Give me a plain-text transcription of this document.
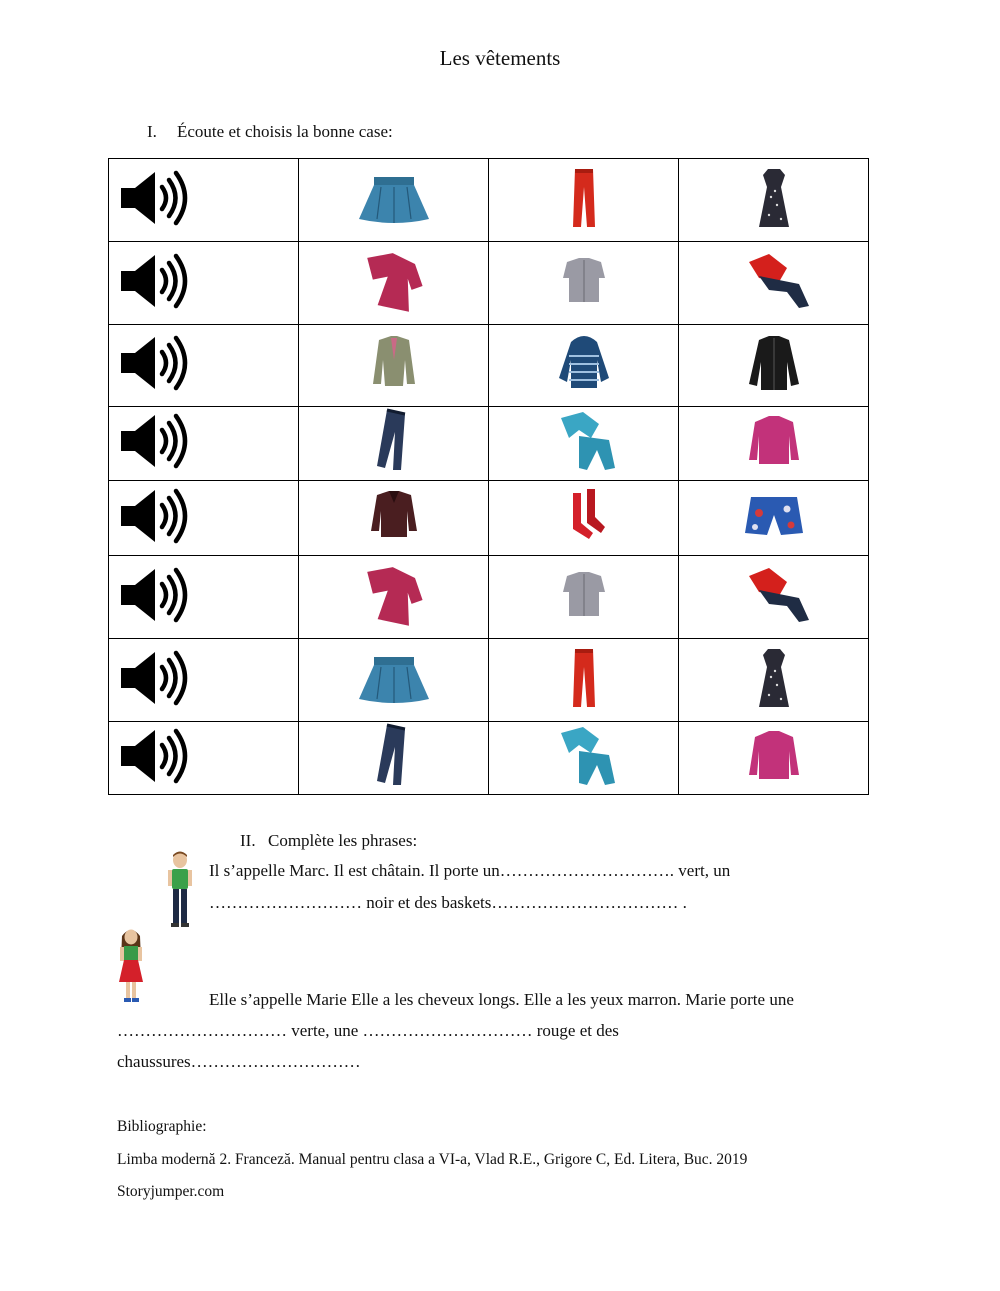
Les vêtements
I. Écoute et choisis la bonne case:

II. Complète les phrases:
Il s’appelle Marc. Il est châtain. Il porte un…………………………. vert, un
……………………… noir et des baskets…………………………… .
Elle s’appelle Marie Elle a les cheveux longs. Elle a les yeux marron. Marie porte une
………………………… verte, une ………………………… rouge et des
chaussures…………………………
Bibliographie:
Limba modernă 2. Franceză. Manual pentru clasa a VI-a, Vlad R.E., Grigore C, Ed. Litera, Buc. 2019
Storyjumper.com
